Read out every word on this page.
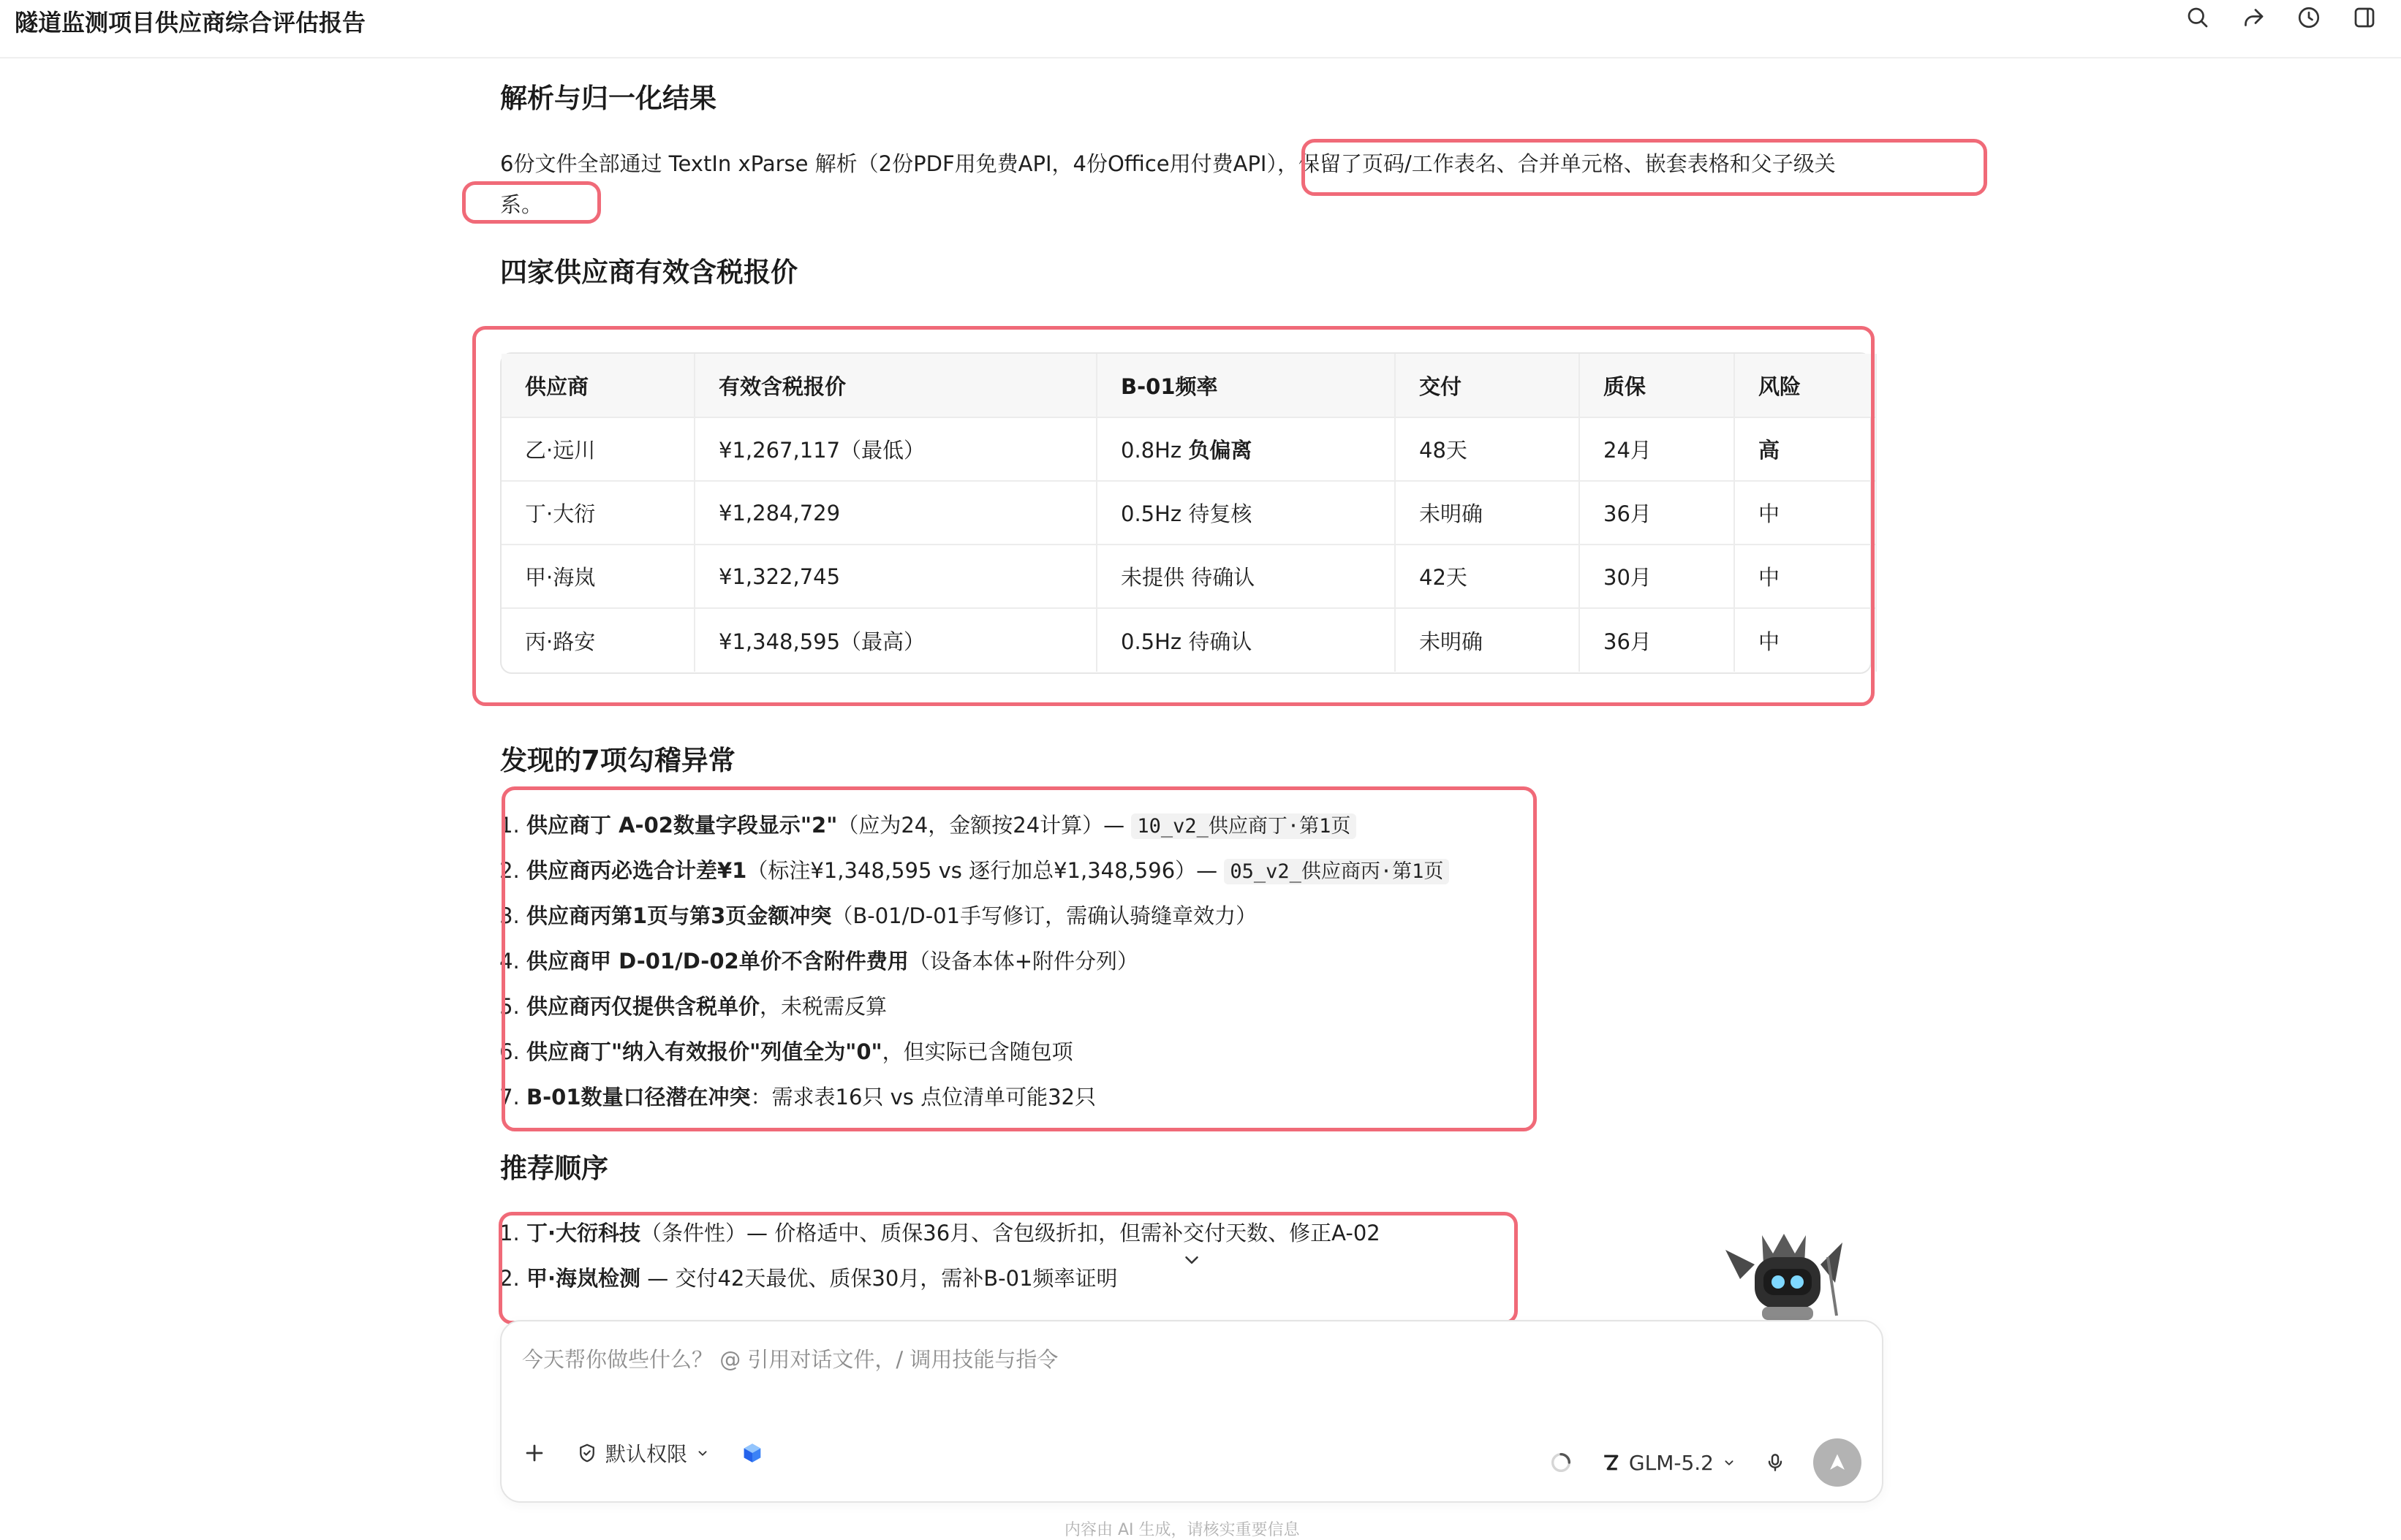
隧道监测项目供应商综合评估报告
解析与归一化结果
6份文件全部通过 TextIn xParse 解析（2份PDF用免费API，4份Office用付费API），保留了页码/工作表名、合并单元格、嵌套表格和父子级关系。
四家供应商有效含税报价
供应商	有效含税报价	B-01频率	交付	质保	风险
乙·远川	¥1,267,117（最低）	0.8Hz 负偏离	48天	24月	高
丁·大衍	¥1,284,729	0.5Hz 待复核	未明确	36月	中
甲·海岚	¥1,322,745	未提供 待确认	42天	30月	中
丙·路安	¥1,348,595（最高）	0.5Hz 待确认	未明确	36月	中
发现的7项勾稽异常
1. 供应商丁 A-02数量字段显示"2"（应为24，金额按24计算）— 10_v2_供应商丁·第1页
2. 供应商丙必选合计差¥1（标注¥1,348,595 vs 逐行加总¥1,348,596）— 05_v2_供应商丙·第1页
3. 供应商丙第1页与第3页金额冲突（B-01/D-01手写修订，需确认骑缝章效力）
4. 供应商甲 D-01/D-02单价不含附件费用（设备本体+附件分列）
5. 供应商丙仅提供含税单价，未税需反算
6. 供应商丁"纳入有效报价"列值全为"0"，但实际已含随包项
7. B-01数量口径潜在冲突：需求表16只 vs 点位清单可能32只
推荐顺序
1. 丁·大衍科技（条件性）— 价格适中、质保36月、含包级折扣，但需补交付天数、修正A-02
2. 甲·海岚检测 — 交付42天最优、质保30月，需补B-01频率证明
今天帮你做些什么？ @ 引用对话文件，/ 调用技能与指令
默认权限	GLM-5.2
内容由 AI 生成，请核实重要信息
